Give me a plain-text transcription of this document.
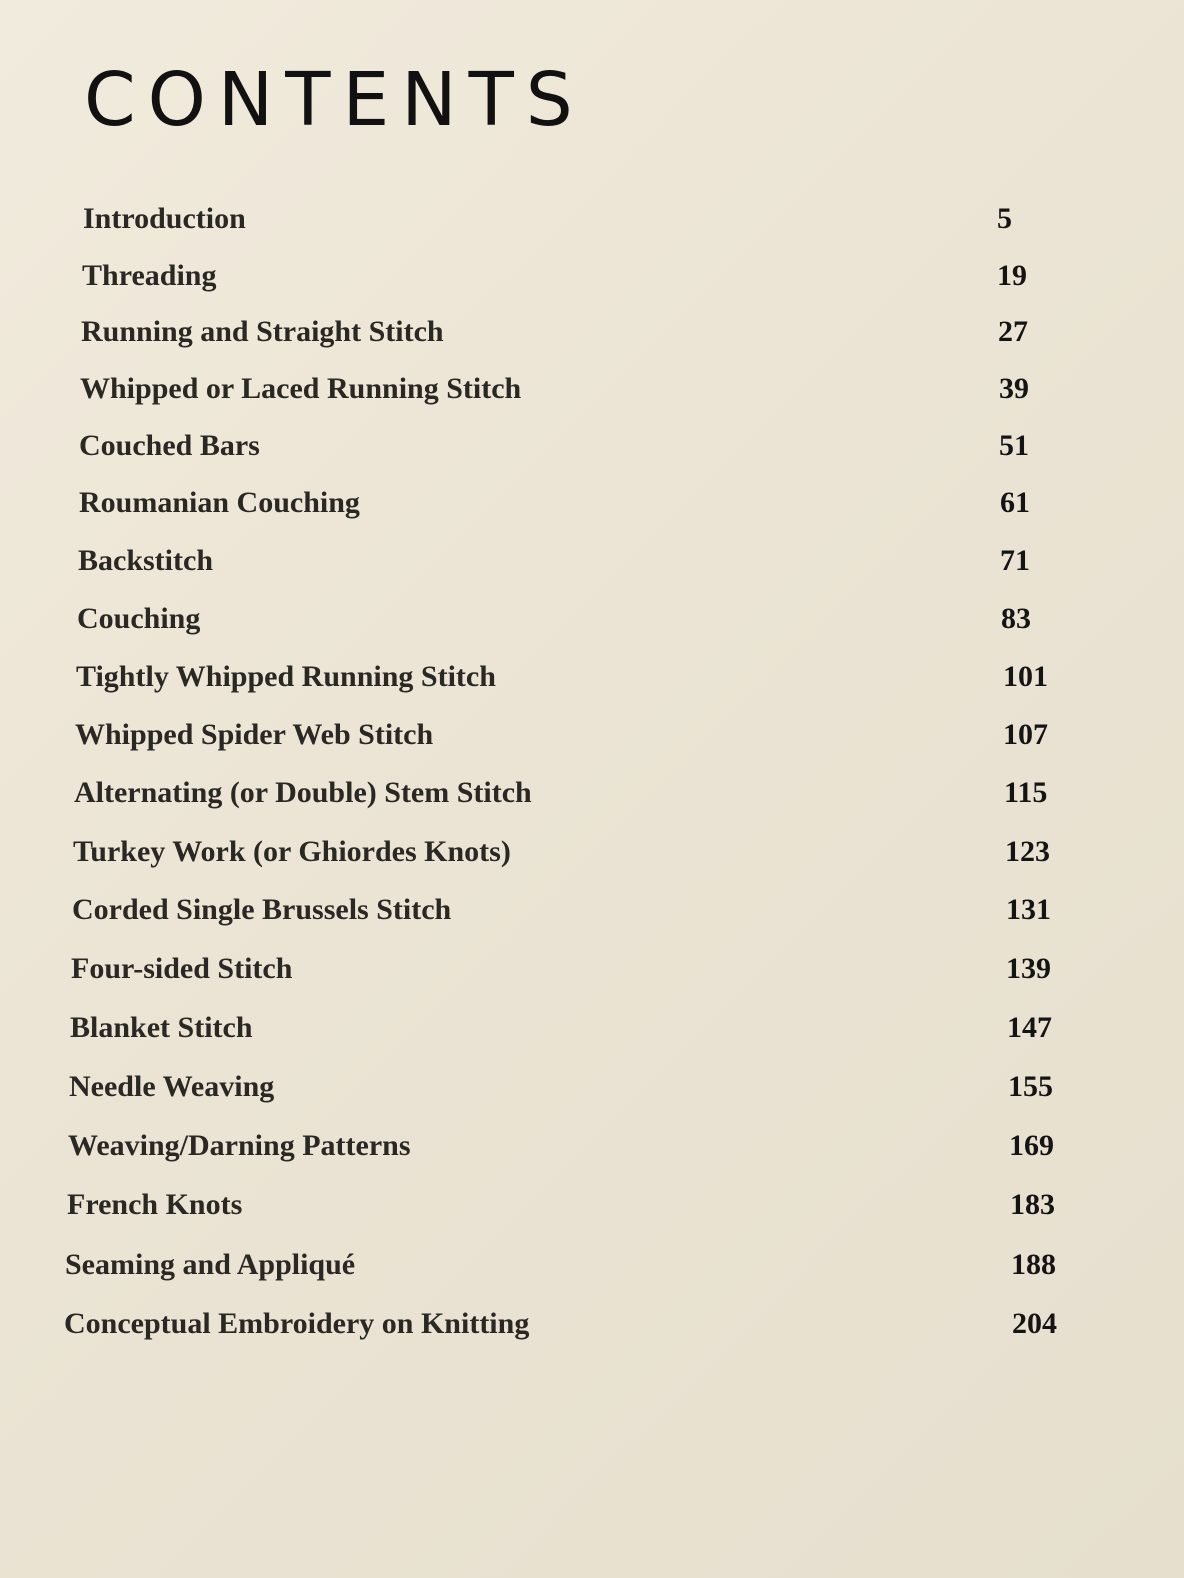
CONTENTS
Introduction	5
Threading	19
Running and Straight Stitch	27
Whipped or Laced Running Stitch	39
Couched Bars	51
Roumanian Couching	61
Backstitch	71
Couching	83
Tightly Whipped Running Stitch	101
Whipped Spider Web Stitch	107
Alternating (or Double) Stem Stitch	115
Turkey Work (or Ghiordes Knots)	123
Corded Single Brussels Stitch	131
Four-sided Stitch	139
Blanket Stitch	147
Needle Weaving	155
Weaving/Darning Patterns	169
French Knots	183
Seaming and Appliqué	188
Conceptual Embroidery on Knitting	204
